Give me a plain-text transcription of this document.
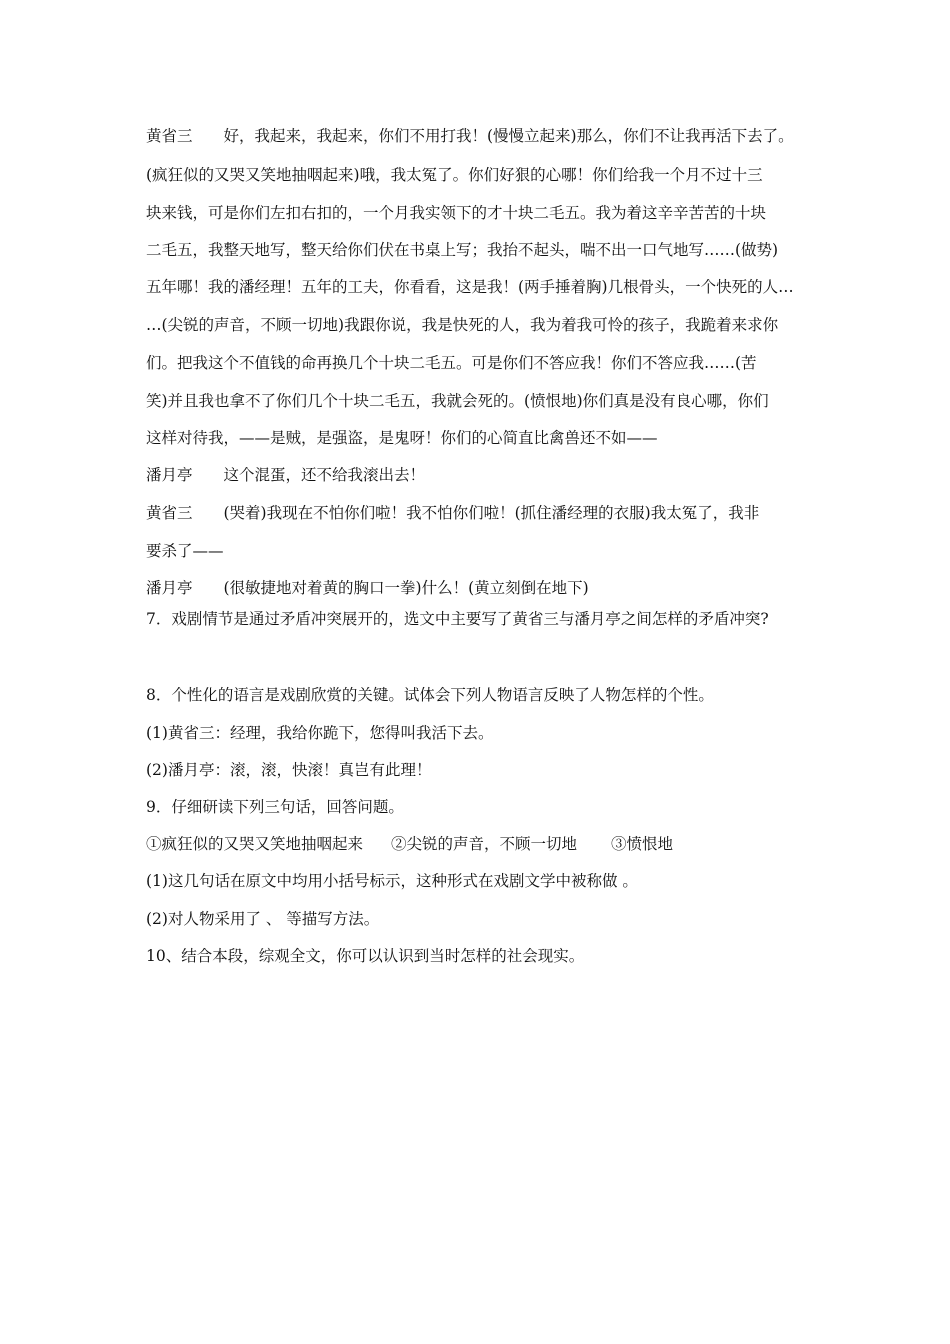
黄省三　　好，我起来，我起来，你们不用打我！(慢慢立起来)那么，你们不让我再活下去了。
(疯狂似的又哭又笑地抽咽起来)哦，我太冤了。你们好狠的心哪！你们给我一个月不过十三
块来钱，可是你们左扣右扣的，一个月我实领下的才十块二毛五。我为着这辛辛苦苦的十块
二毛五，我整天地写，整天给你们伏在书桌上写；我抬不起头，喘不出一口气地写……(做势)
五年哪！我的潘经理！五年的工夫，你看看，这是我！(两手捶着胸)几根骨头，一个快死的人…
…(尖锐的声音，不顾一切地)我跟你说，我是快死的人，我为着我可怜的孩子，我跪着来求你
们。把我这个不值钱的命再换几个十块二毛五。可是你们不答应我！你们不答应我……(苦
笑)并且我也拿不了你们几个十块二毛五，我就会死的。(愤恨地)你们真是没有良心哪，你们
这样对待我，——是贼，是强盗，是鬼呀！你们的心简直比禽兽还不如——
潘月亭　　这个混蛋，还不给我滚出去！
黄省三　　(哭着)我现在不怕你们啦！我不怕你们啦！(抓住潘经理的衣服)我太冤了，我非
要杀了——
潘月亭　　(很敏捷地对着黄的胸口一拳)什么！(黄立刻倒在地下)
7．戏剧情节是通过矛盾冲突展开的，选文中主要写了黄省三与潘月亭之间怎样的矛盾冲突?
8．个性化的语言是戏剧欣赏的关键。试体会下列人物语言反映了人物怎样的个性。
(1)黄省三：经理，我给你跪下，您得叫我活下去。
(2)潘月亭：滚，滚，快滚！真岂有此理！
9．仔细研读下列三句话，回答问题。
①疯狂似的又哭又笑地抽咽起来 ②尖锐的声音，不顾一切地 ③愤恨地
(1)这几句话在原文中均用小括号标示，这种形式在戏剧文学中被称做 。
(2)对人物采用了 、 等描写方法。
10、结合本段，综观全文，你可以认识到当时怎样的社会现实。
